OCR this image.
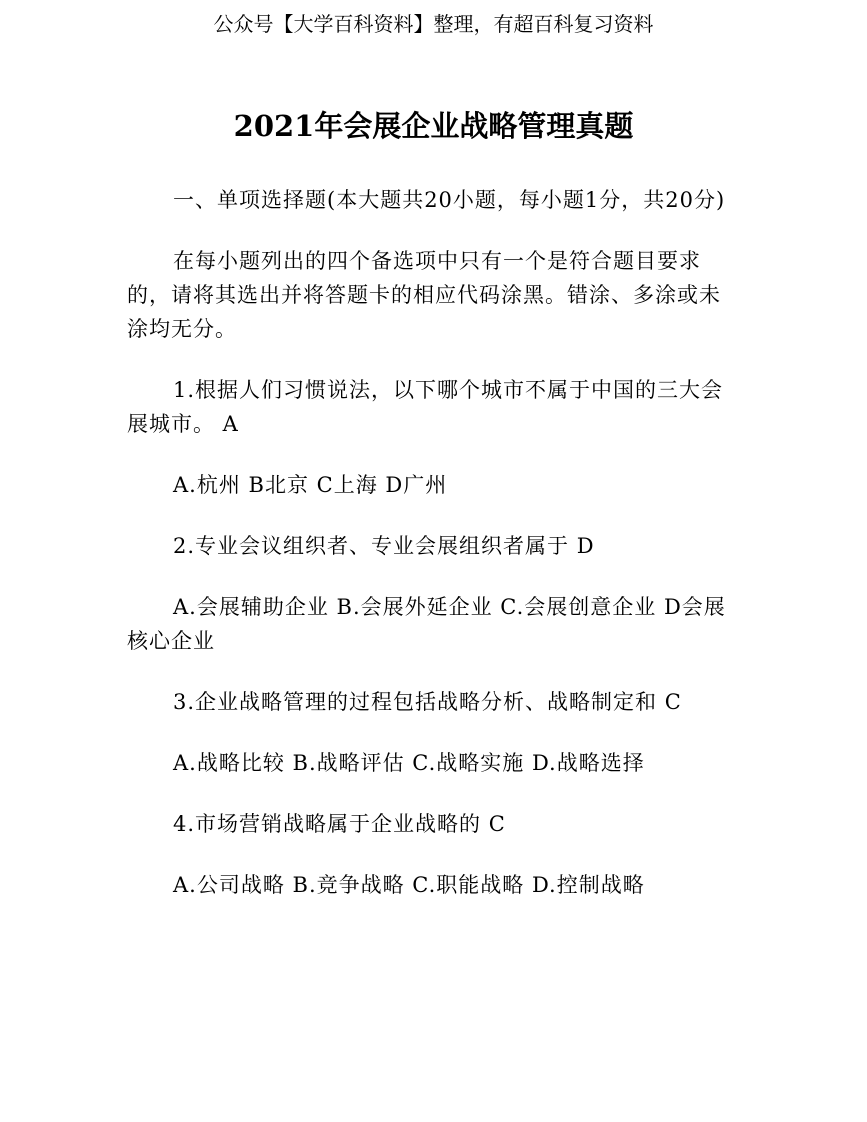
公众号【大学百科资料】整理，有超百科复习资料
2021年会展企业战略管理真题

一、单项选择题(本大题共20小题，每小题1分，共20分)

在每小题列出的四个备选项中只有一个是符合题目要求的，请将其选出并将答题卡的相应代码涂黑。错涂、多涂或未涂均无分。

1.根据人们习惯说法，以下哪个城市不属于中国的三大会展城市。 A

A.杭州 B北京 C上海 D广州

2.专业会议组织者、专业会展组织者属于 D

A.会展辅助企业 B.会展外延企业 C.会展创意企业 D会展核心企业

3.企业战略管理的过程包括战略分析、战略制定和 C

A.战略比较 B.战略评估 C.战略实施 D.战略选择

4.市场营销战略属于企业战略的 C

A.公司战略 B.竞争战略 C.职能战略 D.控制战略
